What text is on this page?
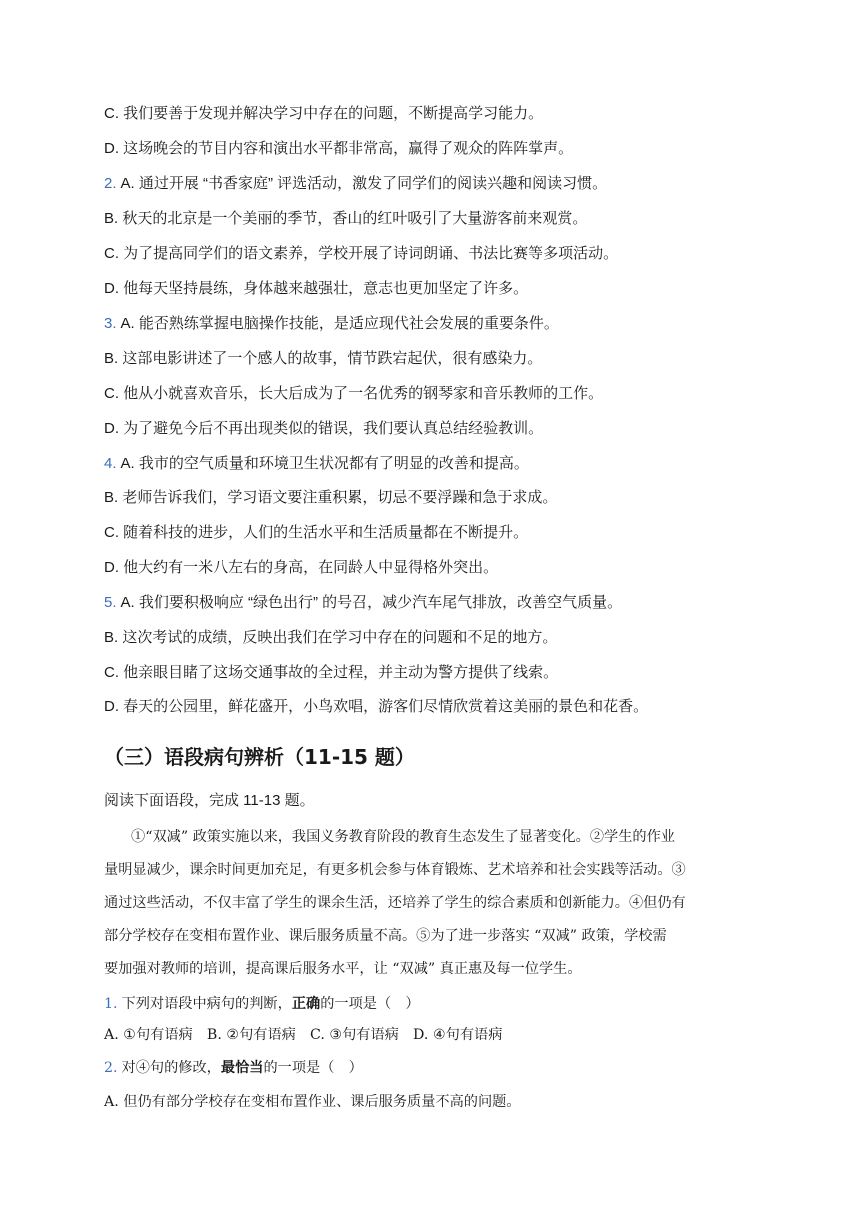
C. 我们要善于发现并解决学习中存在的问题，不断提高学习能力。
D. 这场晚会的节目内容和演出水平都非常高，赢得了观众的阵阵掌声。
2. A. 通过开展 “书香家庭” 评选活动，激发了同学们的阅读兴趣和阅读习惯。
B. 秋天的北京是一个美丽的季节，香山的红叶吸引了大量游客前来观赏。
C. 为了提高同学们的语文素养，学校开展了诗词朗诵、书法比赛等多项活动。
D. 他每天坚持晨练，身体越来越强壮，意志也更加坚定了许多。
3. A. 能否熟练掌握电脑操作技能，是适应现代社会发展的重要条件。
B. 这部电影讲述了一个感人的故事，情节跌宕起伏，很有感染力。
C. 他从小就喜欢音乐，长大后成为了一名优秀的钢琴家和音乐教师的工作。
D. 为了避免今后不再出现类似的错误，我们要认真总结经验教训。
4. A. 我市的空气质量和环境卫生状况都有了明显的改善和提高。
B. 老师告诉我们，学习语文要注重积累，切忌不要浮躁和急于求成。
C. 随着科技的进步，人们的生活水平和生活质量都在不断提升。
D. 他大约有一米八左右的身高，在同龄人中显得格外突出。
5. A. 我们要积极响应 “绿色出行” 的号召，减少汽车尾气排放，改善空气质量。
B. 这次考试的成绩，反映出我们在学习中存在的问题和不足的地方。
C. 他亲眼目睹了这场交通事故的全过程，并主动为警方提供了线索。
D. 春天的公园里，鲜花盛开，小鸟欢唱，游客们尽情欣赏着这美丽的景色和花香。
（三）语段病句辨析（11-15 题）
阅读下面语段，完成 11-13 题。
①“双减” 政策实施以来，我国义务教育阶段的教育生态发生了显著变化。②学生的作业
量明显减少，课余时间更加充足，有更多机会参与体育锻炼、艺术培养和社会实践等活动。③
通过这些活动，不仅丰富了学生的课余生活，还培养了学生的综合素质和创新能力。④但仍有
部分学校存在变相布置作业、课后服务质量不高。⑤为了进一步落实 “双减” 政策，学校需
要加强对教师的培训，提高课后服务水平，让 “双减” 真正惠及每一位学生。
1. 下列对语段中病句的判断，正确的一项是（　）
A. ①句有语病　B. ②句有语病　C. ③句有语病　D. ④句有语病
2. 对④句的修改，最恰当的一项是（　）
A. 但仍有部分学校存在变相布置作业、课后服务质量不高的问题。
